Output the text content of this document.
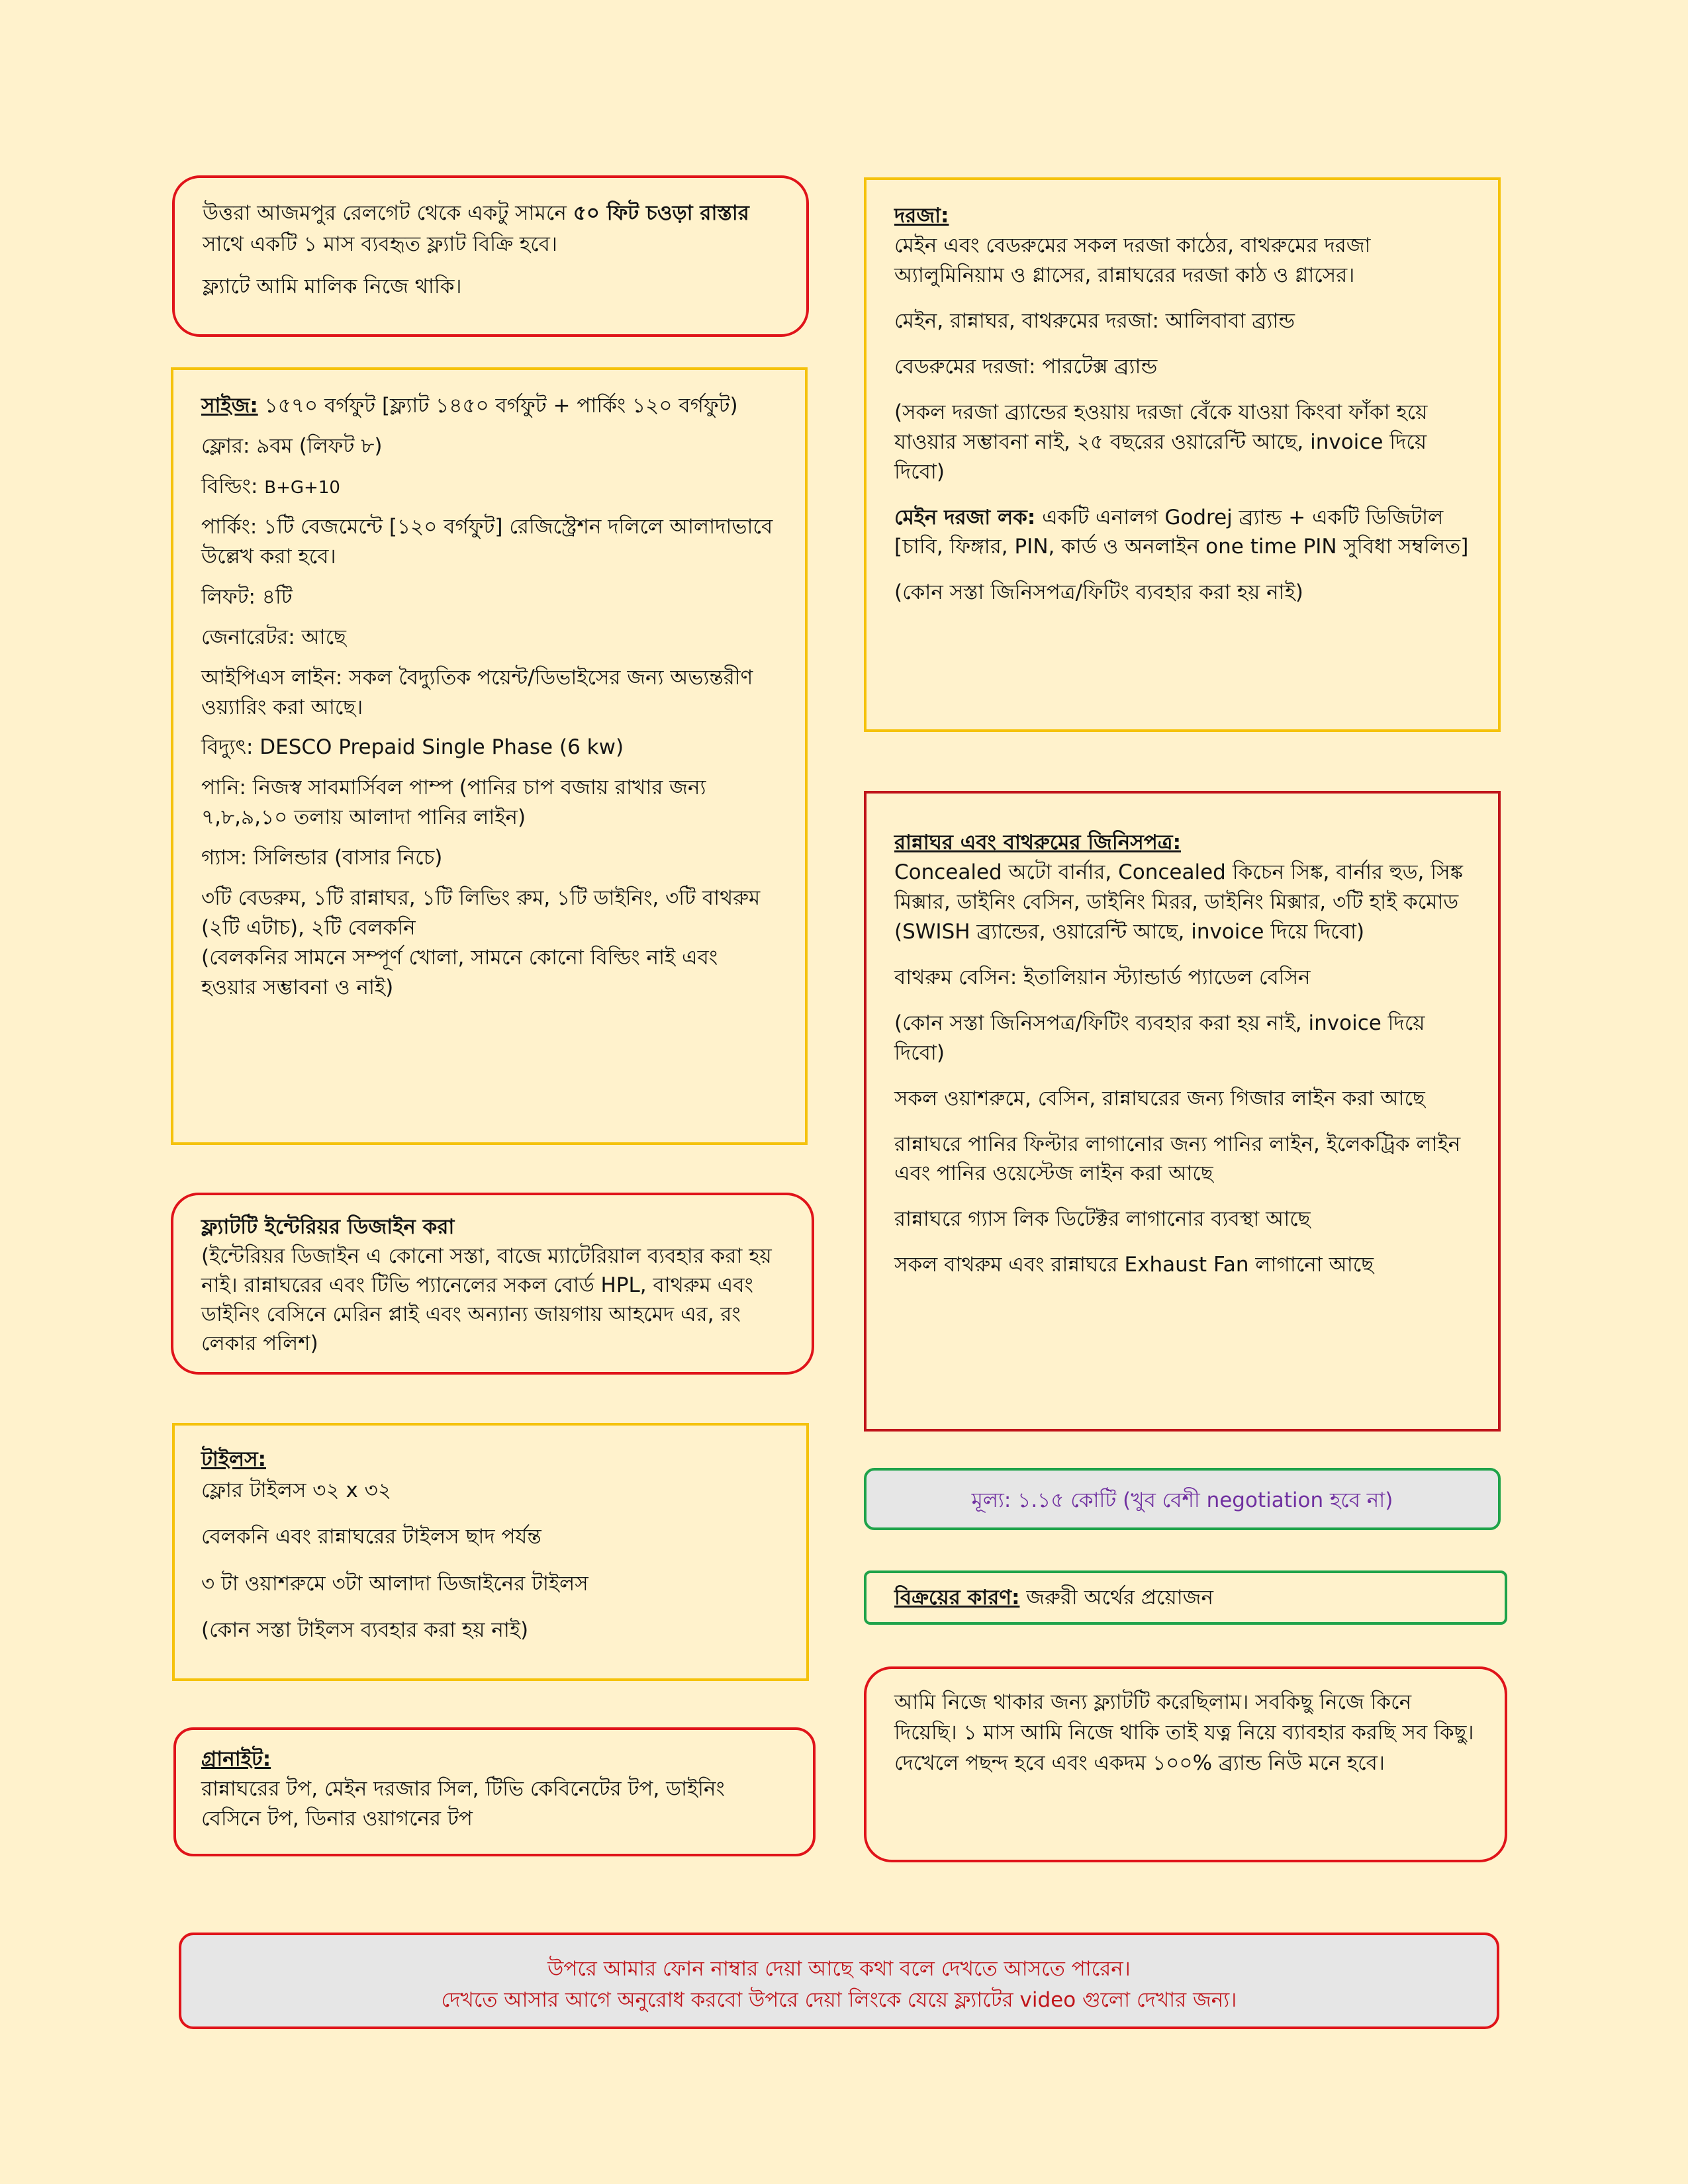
উত্তরা আজমপুর রেলগেট থেকে একটু সামনে ৫০ ফিট চওড়া রাস্তার সাথে একটি ১ মাস ব্যবহৃত ফ্ল্যাট বিক্রি হবে।

ফ্ল্যাটে আমি মালিক নিজে থাকি।

সাইজ: ১৫৭০ বর্গফুট [ফ্ল্যাট ১৪৫০ বর্গফুট + পার্কিং ১২০ বর্গফুট)

ফ্লোর: ৯বম (লিফট ৮)

বিল্ডিং: B+G+10

পার্কিং: ১টি বেজমেন্টে [১২০ বর্গফুট] রেজিস্ট্রেশন দলিলে আলাদাভাবে উল্লেখ করা হবে।

লিফট: ৪টি

জেনারেটর: আছে

আইপিএস লাইন: সকল বৈদ্যুতিক পয়েন্ট/ডিভাইসের জন্য অভ্যন্তরীণ ওয়্যারিং করা আছে।

বিদ্যুৎ: DESCO Prepaid Single Phase (6 kw)

পানি: নিজস্ব সাবমার্সিবল পাম্প (পানির চাপ বজায় রাখার জন্য ৭,৮,৯,১০ তলায় আলাদা পানির লাইন)

গ্যাস: সিলিন্ডার (বাসার নিচে)

৩টি বেডরুম, ১টি রান্নাঘর, ১টি লিভিং রুম, ১টি ডাইনিং, ৩টি বাথরুম (২টি এটাচ), ২টি বেলকনি
(বেলকনির সামনে সম্পূর্ণ খোলা, সামনে কোনো বিল্ডিং নাই এবং হওয়ার সম্ভাবনা ও নাই)

ফ্ল্যাটটি ইন্টেরিয়র ডিজাইন করা
(ইন্টেরিয়র ডিজাইন এ কোনো সস্তা, বাজে ম্যাটেরিয়াল ব্যবহার করা হয় নাই। রান্নাঘরের এবং টিভি প্যানেলের সকল বোর্ড HPL, বাথরুম এবং ডাইনিং বেসিনে মেরিন প্লাই এবং অন্যান্য জায়গায় আহমেদ এর, রং লেকার পলিশ)

টাইলস:
ফ্লোর টাইলস ৩২ x ৩২

বেলকনি এবং রান্নাঘরের টাইলস ছাদ পর্যন্ত

৩ টা ওয়াশরুমে ৩টা আলাদা ডিজাইনের টাইলস

(কোন সস্তা টাইলস ব্যবহার করা হয় নাই)

গ্রানাইট:
রান্নাঘরের টপ, মেইন দরজার সিল, টিভি কেবিনেটের টপ, ডাইনিং বেসিনে টপ, ডিনার ওয়াগনের টপ

দরজা:
মেইন এবং বেডরুমের সকল দরজা কাঠের, বাথরুমের দরজা অ্যালুমিনিয়াম ও গ্লাসের, রান্নাঘরের দরজা কাঠ ও গ্লাসের।

মেইন, রান্নাঘর, বাথরুমের দরজা: আলিবাবা ব্র্যান্ড

বেডরুমের দরজা: পারটেক্স ব্র্যান্ড

(সকল দরজা ব্র্যান্ডের হওয়ায় দরজা বেঁকে যাওয়া কিংবা ফাঁকা হয়ে যাওয়ার সম্ভাবনা নাই, ২৫ বছরের ওয়ারেন্টি আছে, invoice দিয়ে দিবো)

মেইন দরজা লক: একটি এনালগ Godrej ব্র্যান্ড + একটি ডিজিটাল [চাবি, ফিঙ্গার, PIN, কার্ড ও অনলাইন one time PIN সুবিধা সম্বলিত]

(কোন সস্তা জিনিসপত্র/ফিটিং ব্যবহার করা হয় নাই)

রান্নাঘর এবং বাথরুমের জিনিসপত্র:
Concealed অটো বার্নার, Concealed কিচেন সিঙ্ক, বার্নার হুড, সিঙ্ক মিক্সার, ডাইনিং বেসিন, ডাইনিং মিরর, ডাইনিং মিক্সার, ৩টি হাই কমোড
(SWISH ব্র্যান্ডের, ওয়ারেন্টি আছে, invoice দিয়ে দিবো)

বাথরুম বেসিন: ইতালিয়ান স্ট্যান্ডার্ড প্যাডেল বেসিন

(কোন সস্তা জিনিসপত্র/ফিটিং ব্যবহার করা হয় নাই, invoice দিয়ে দিবো)

সকল ওয়াশরুমে, বেসিন, রান্নাঘরের জন্য গিজার লাইন করা আছে

রান্নাঘরে পানির ফিল্টার লাগানোর জন্য পানির লাইন, ইলেকট্রিক লাইন এবং পানির ওয়েস্টেজ লাইন করা আছে

রান্নাঘরে গ্যাস লিক ডিটেক্টর লাগানোর ব্যবস্থা আছে

সকল বাথরুম এবং রান্নাঘরে Exhaust Fan লাগানো আছে

মূল্য: ১.১৫ কোটি (খুব বেশী negotiation হবে না)
বিক্রয়ের কারণ: জরুরী অর্থের প্রয়োজন
আমি নিজে থাকার জন্য ফ্ল্যাটটি করেছিলাম। সবকিছু নিজে কিনে দিয়েছি। ১ মাস আমি নিজে থাকি তাই যত্ন নিয়ে ব্যাবহার করছি সব কিছু। দেখেলে পছন্দ হবে এবং একদম ১০০% ব্র্যান্ড নিউ মনে হবে।
উপরে আমার ফোন নাম্বার দেয়া আছে কথা বলে দেখতে আসতে পারেন।
দেখতে আসার আগে অনুরোধ করবো উপরে দেয়া লিংকে যেয়ে ফ্ল্যাটের video গুলো দেখার জন্য।
